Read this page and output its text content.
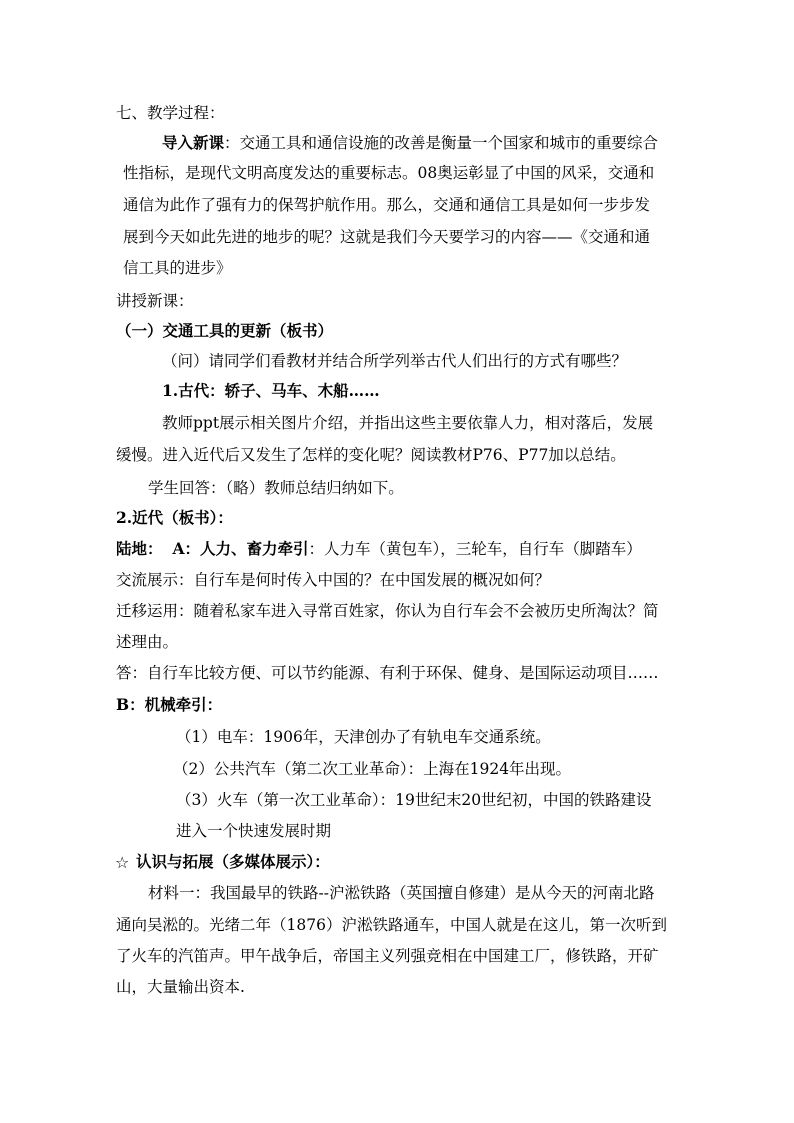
七、教学过程：
导入新课：交通工具和通信设施的改善是衡量一个国家和城市的重要综合
性指标，是现代文明高度发达的重要标志。08奥运彰显了中国的风采，交通和
通信为此作了强有力的保驾护航作用。那么，交通和通信工具是如何一步步发
展到今天如此先进的地步的呢？这就是我们今天要学习的内容——《交通和通
信工具的进步》
讲授新课：
（一）交通工具的更新（板书）
（问）请同学们看教材并结合所学列举古代人们出行的方式有哪些？
1.古代：轿子、马车、木船……
教师ppt展示相关图片介绍，并指出这些主要依靠人力，相对落后，发展
缓慢。进入近代后又发生了怎样的变化呢？阅读教材P76、P77加以总结。
学生回答：（略）教师总结归纳如下。
2.近代（板书）：
陆地： A：人力、畜力牵引：人力车（黄包车），三轮车，自行车（脚踏车）
交流展示：自行车是何时传入中国的？在中国发展的概况如何？
迁移运用：随着私家车进入寻常百姓家，你认为自行车会不会被历史所淘汰？简
述理由。
答：自行车比较方便、可以节约能源、有利于环保、健身、是国际运动项目……
B：机械牵引：
（1）电车：1906年，天津创办了有轨电车交通系统。
（2）公共汽车（第二次工业革命）：上海在1924年出现。
（3）火车（第一次工业革命）：19世纪末20世纪初，中国的铁路建设
进入一个快速发展时期
☆ 认识与拓展（多媒体展示）：
材料一：我国最早的铁路--沪淞铁路（英国擅自修建）是从今天的河南北路
通向吴淞的。光绪二年（1876）沪淞铁路通车，中国人就是在这儿，第一次听到
了火车的汽笛声。甲午战争后，帝国主义列强竞相在中国建工厂，修铁路，开矿
山，大量输出资本.
